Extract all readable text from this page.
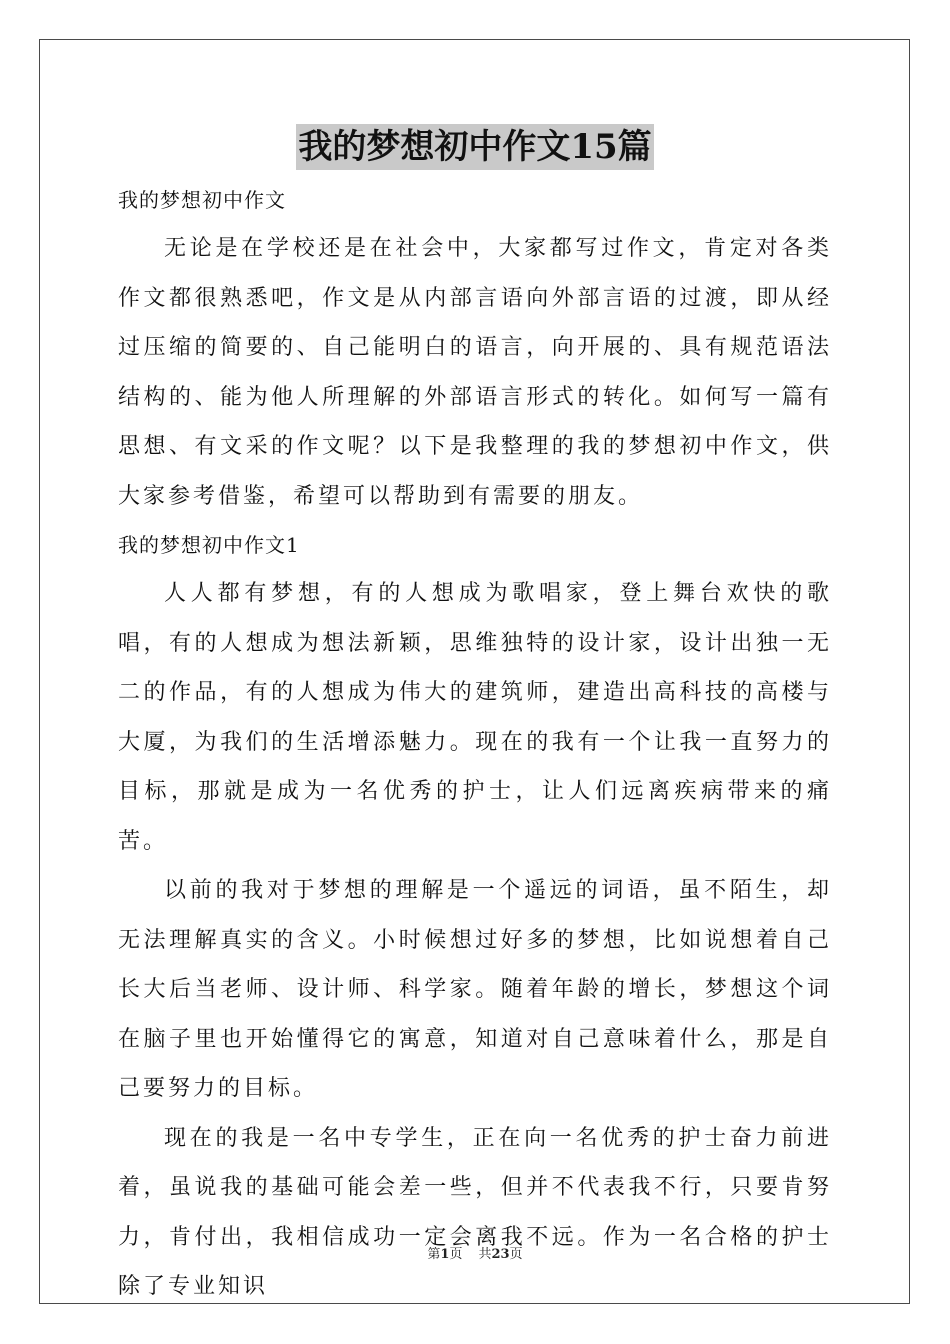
我的梦想初中作文15篇
我的梦想初中作文

无论是在学校还是在社会中，大家都写过作文，肯定对各类作文都很熟悉吧，作文是从内部言语向外部言语的过渡，即从经过压缩的简要的、自己能明白的语言，向开展的、具有规范语法结构的、能为他人所理解的外部语言形式的转化。如何写一篇有思想、有文采的作文呢？以下是我整理的我的梦想初中作文，供大家参考借鉴，希望可以帮助到有需要的朋友。

我的梦想初中作文1

人人都有梦想，有的人想成为歌唱家，登上舞台欢快的歌唱，有的人想成为想法新颖，思维独特的设计家，设计出独一无二的作品，有的人想成为伟大的建筑师，建造出高科技的高楼与大厦，为我们的生活增添魅力。现在的我有一个让我一直努力的目标，那就是成为一名优秀的护士，让人们远离疾病带来的痛苦。

以前的我对于梦想的理解是一个遥远的词语，虽不陌生，却无法理解真实的含义。小时候想过好多的梦想，比如说想着自己长大后当老师、设计师、科学家。随着年龄的增长，梦想这个词在脑子里也开始懂得它的寓意，知道对自己意味着什么，那是自己要努力的目标。

现在的我是一名中专学生，正在向一名优秀的护士奋力前进着，虽说我的基础可能会差一些，但并不代表我不行，只要肯努力，肯付出，我相信成功一定会离我不远。作为一名合格的护士除了专业知识

第1页 共23页
